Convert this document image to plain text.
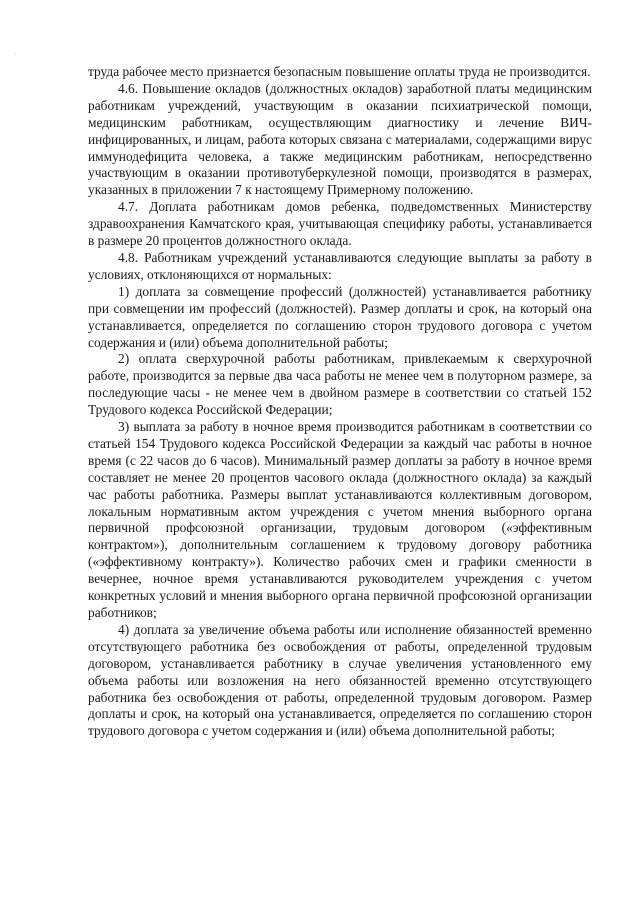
·

труда рабочее место признается безопасным повышение оплаты труда не производится.

4.6. Повышение окладов (должностных окладов) заработной платы медицинским работникам учреждений, участвующим в оказании психиатрической помощи, медицинским работникам, осуществляющим диагностику и лечение ВИЧ-инфицированных, и лицам, работа которых связана с материалами, содержащими вирус иммунодефицита человека, а также медицинским работникам, непосредственно участвующим в оказании противотуберкулезной помощи, производятся в размерах, указанных в приложении 7 к настоящему Примерному положению.

4.7. Доплата работникам домов ребенка, подведомственных Министерству здравоохранения Камчатского края, учитывающая специфику работы, устанавливается в размере 20 процентов должностного оклада.

4.8. Работникам учреждений устанавливаются следующие выплаты за работу в условиях, отклоняющихся от нормальных:

1) доплата за совмещение профессий (должностей) устанавливается работнику при совмещении им профессий (должностей). Размер доплаты и срок, на который она устанавливается, определяется по соглашению сторон трудового договора с учетом содержания и (или) объема дополнительной работы;

2) оплата сверхурочной работы работникам, привлекаемым к сверхурочной работе, производится за первые два часа работы не менее чем в полуторном размере, за последующие часы - не менее чем в двойном размере в соответствии со статьей 152 Трудового кодекса Российской Федерации;

3) выплата за работу в ночное время производится работникам в соответствии со статьей 154 Трудового кодекса Российской Федерации за каждый час работы в ночное время (с 22 часов до 6 часов). Минимальный размер доплаты за работу в ночное время составляет не менее 20 процентов часового оклада (должностного оклада) за каждый час работы работника. Размеры выплат устанавливаются коллективным договором, локальным нормативным актом учреждения с учетом мнения выборного органа первичной профсоюзной организации, трудовым договором («эффективным контрактом»), дополнительным соглашением к трудовому договору работника («эффективному контракту»). Количество рабочих смен и графики сменности в вечернее, ночное время устанавливаются руководителем учреждения с учетом конкретных условий и мнения выборного органа первичной профсоюзной организации работников;

4) доплата за увеличение объема работы или исполнение обязанностей временно отсутствующего работника без освобождения от работы, определенной трудовым договором, устанавливается работнику в случае увеличения установленного ему объема работы или возложения на него обязанностей временно отсутствующего работника без освобождения от работы, определенной трудовым договором. Размер доплаты и срок, на который она устанавливается, определяется по соглашению сторон трудового договора с учетом содержания и (или) объема дополнительной работы;
